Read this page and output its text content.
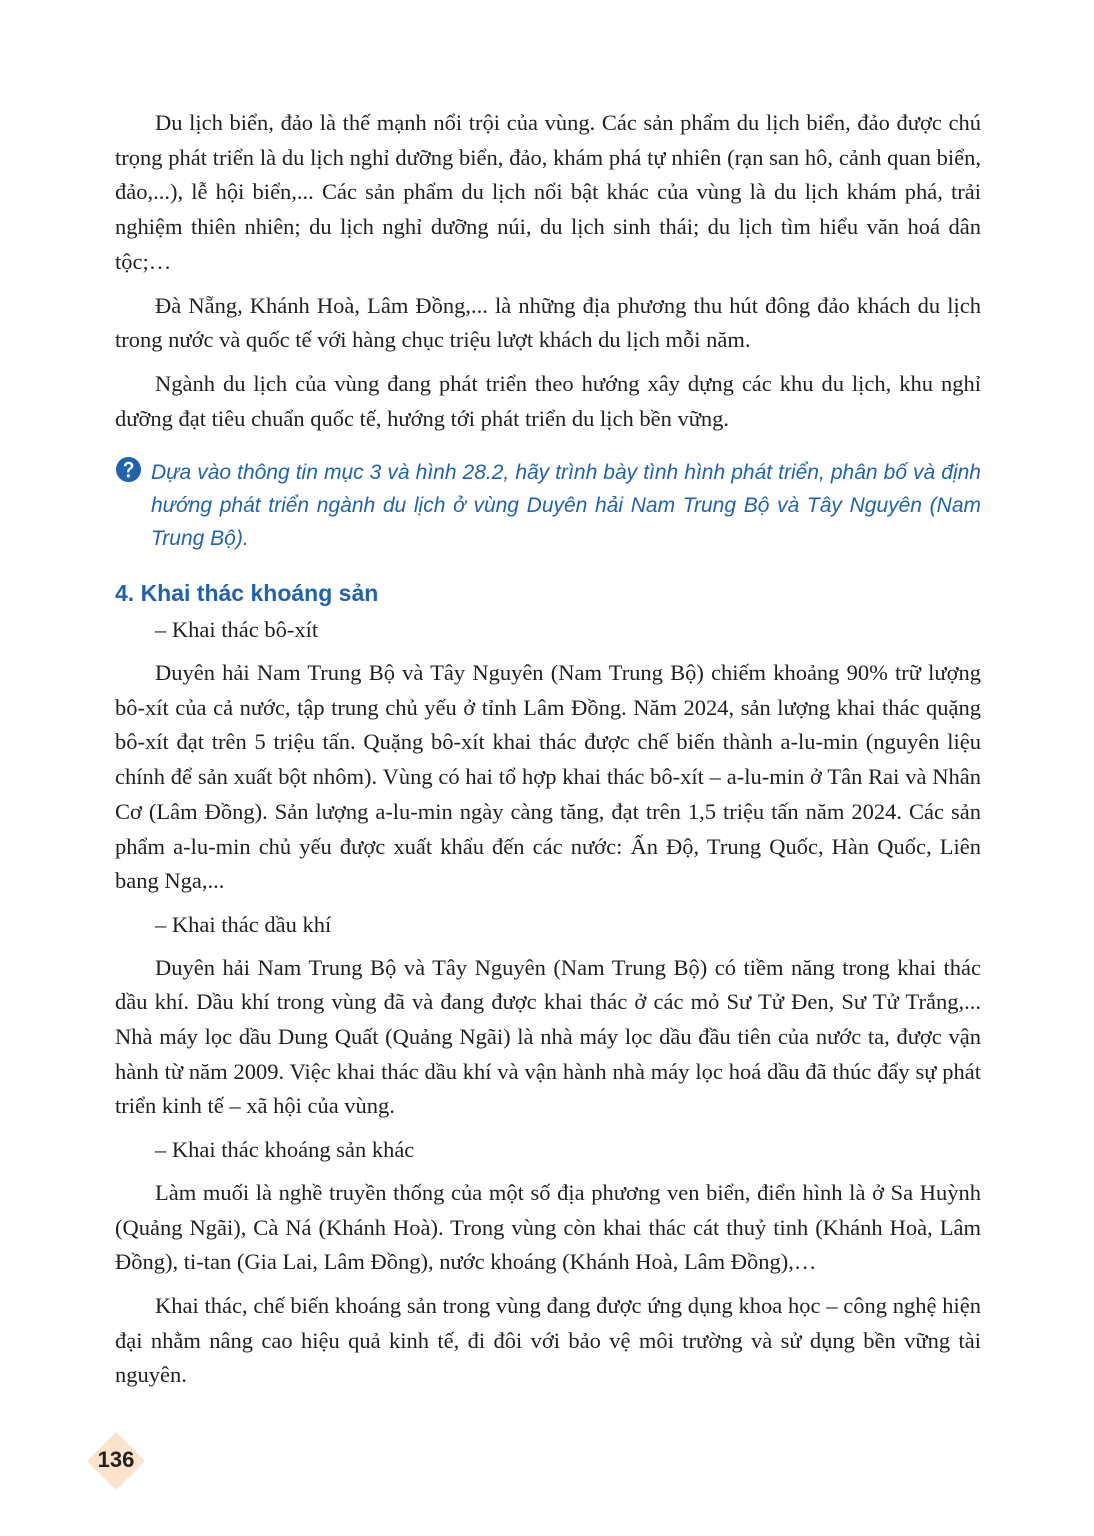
Du lịch biển, đảo là thế mạnh nổi trội của vùng. Các sản phẩm du lịch biển, đảo được chú trọng phát triển là du lịch nghỉ dưỡng biển, đảo, khám phá tự nhiên (rạn san hô, cảnh quan biển, đảo,...), lễ hội biển,... Các sản phẩm du lịch nổi bật khác của vùng là du lịch khám phá, trải nghiệm thiên nhiên; du lịch nghỉ dưỡng núi, du lịch sinh thái; du lịch tìm hiểu văn hoá dân tộc;…

Đà Nẵng, Khánh Hoà, Lâm Đồng,... là những địa phương thu hút đông đảo khách du lịch trong nước và quốc tế với hàng chục triệu lượt khách du lịch mỗi năm.

Ngành du lịch của vùng đang phát triển theo hướng xây dựng các khu du lịch, khu nghỉ dưỡng đạt tiêu chuẩn quốc tế, hướng tới phát triển du lịch bền vững.

Dựa vào thông tin mục 3 và hình 28.2, hãy trình bày tình hình phát triển, phân bố và định hướng phát triển ngành du lịch ở vùng Duyên hải Nam Trung Bộ và Tây Nguyên (Nam Trung Bộ).
4. Khai thác khoáng sản

– Khai thác bô-xít

Duyên hải Nam Trung Bộ và Tây Nguyên (Nam Trung Bộ) chiếm khoảng 90% trữ lượng bô-xít của cả nước, tập trung chủ yếu ở tỉnh Lâm Đồng. Năm 2024, sản lượng khai thác quặng bô-xít đạt trên 5 triệu tấn. Quặng bô-xít khai thác được chế biến thành a-lu-min (nguyên liệu chính để sản xuất bột nhôm). Vùng có hai tổ hợp khai thác bô-xít – a-lu-min ở Tân Rai và Nhân Cơ (Lâm Đồng). Sản lượng a-lu-min ngày càng tăng, đạt trên 1,5 triệu tấn năm 2024. Các sản phẩm a-lu-min chủ yếu được xuất khẩu đến các nước: Ấn Độ, Trung Quốc, Hàn Quốc, Liên bang Nga,...

– Khai thác dầu khí

Duyên hải Nam Trung Bộ và Tây Nguyên (Nam Trung Bộ) có tiềm năng trong khai thác dầu khí. Dầu khí trong vùng đã và đang được khai thác ở các mỏ Sư Tử Đen, Sư Tử Trắng,... Nhà máy lọc dầu Dung Quất (Quảng Ngãi) là nhà máy lọc dầu đầu tiên của nước ta, được vận hành từ năm 2009. Việc khai thác dầu khí và vận hành nhà máy lọc hoá dầu đã thúc đẩy sự phát triển kinh tế – xã hội của vùng.

– Khai thác khoáng sản khác

Làm muối là nghề truyền thống của một số địa phương ven biển, điển hình là ở Sa Huỳnh (Quảng Ngãi), Cà Ná (Khánh Hoà). Trong vùng còn khai thác cát thuỷ tinh (Khánh Hoà, Lâm Đồng), ti-tan (Gia Lai, Lâm Đồng), nước khoáng (Khánh Hoà, Lâm Đồng),…

Khai thác, chế biến khoáng sản trong vùng đang được ứng dụng khoa học – công nghệ hiện đại nhằm nâng cao hiệu quả kinh tế, đi đôi với bảo vệ môi trường và sử dụng bền vững tài nguyên.

136
